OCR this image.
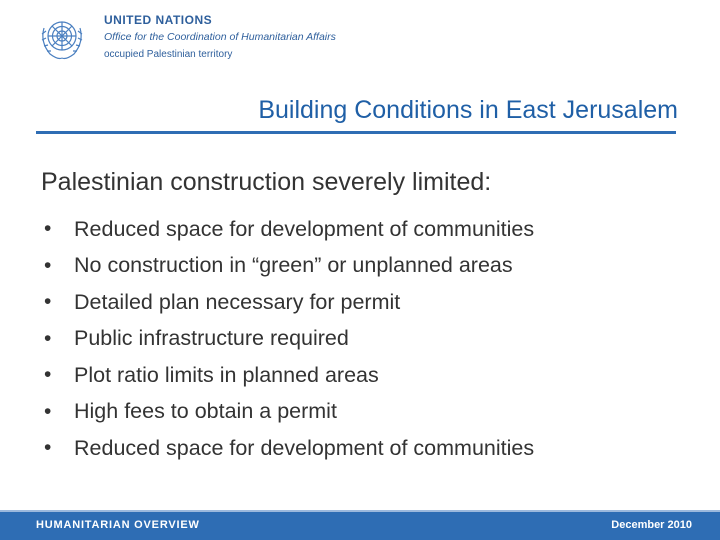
UNITED NATIONS
Office for the Coordination of Humanitarian Affairs
occupied Palestinian territory
Building Conditions in East Jerusalem
Palestinian construction severely limited:
•	Reduced space for development of communities
•	No construction in “green” or unplanned areas
•	Detailed plan necessary for permit
•	Public infrastructure required
•	Plot ratio limits in planned areas
•	High fees to obtain a permit
•	Reduced space for development of communities
HUMANITARIAN OVERVIEW	December 2010
